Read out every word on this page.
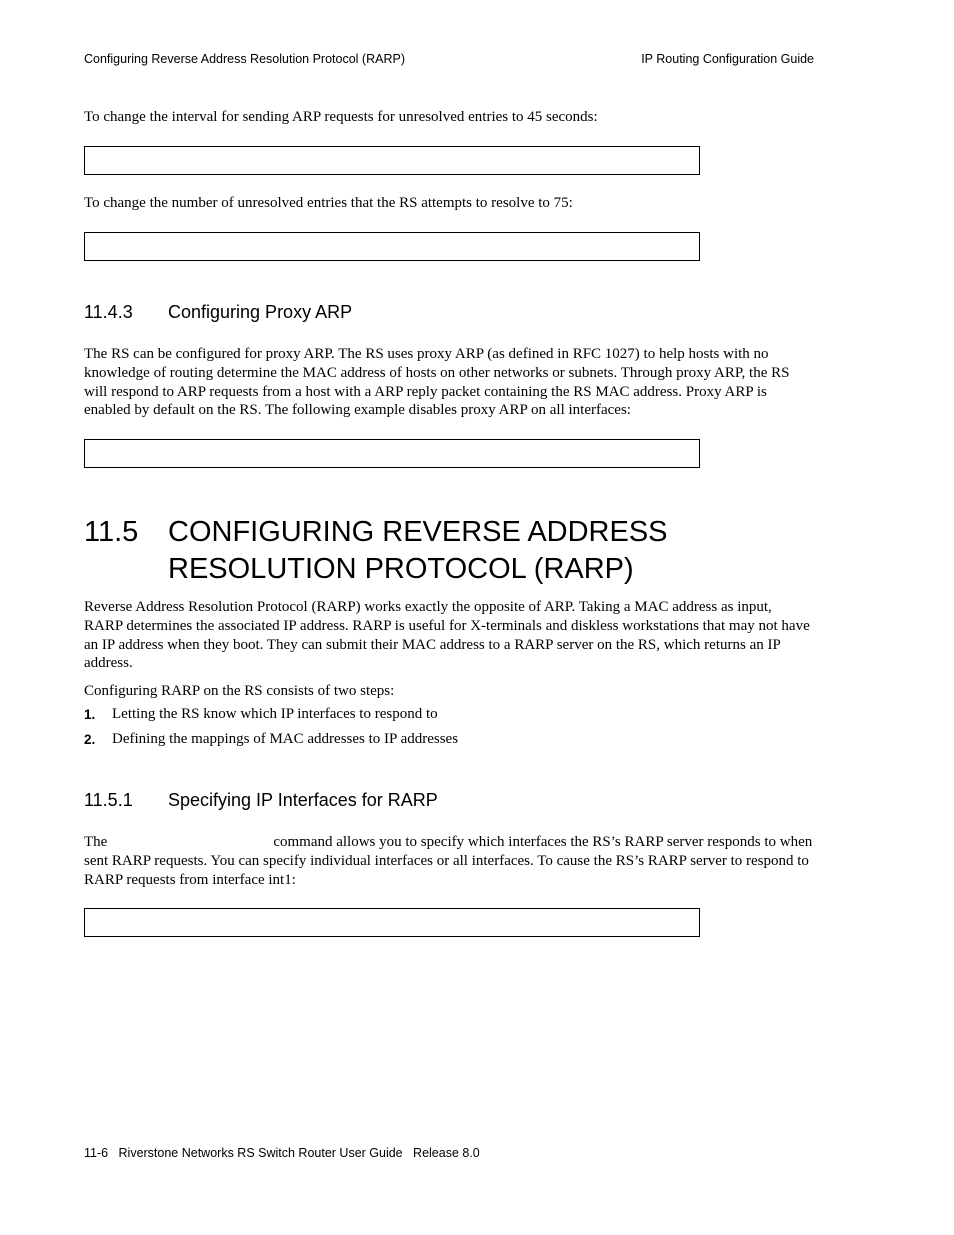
Configuring Reverse Address Resolution Protocol (RARP)	IP Routing Configuration Guide
To change the interval for sending ARP requests for unresolved entries to 45 seconds:
To change the number of unresolved entries that the RS attempts to resolve to 75:
11.4.3 Configuring Proxy ARP
The RS can be configured for proxy ARP. The RS uses proxy ARP (as defined in RFC 1027) to help hosts with no knowledge of routing determine the MAC address of hosts on other networks or subnets. Through proxy ARP, the RS will respond to ARP requests from a host with a ARP reply packet containing the RS MAC address. Proxy ARP is enabled by default on the RS. The following example disables proxy ARP on all interfaces:
11.5 CONFIGURING REVERSE ADDRESS RESOLUTION PROTOCOL (RARP)
Reverse Address Resolution Protocol (RARP) works exactly the opposite of ARP. Taking a MAC address as input, RARP determines the associated IP address. RARP is useful for X-terminals and diskless workstations that may not have an IP address when they boot. They can submit their MAC address to a RARP server on the RS, which returns an IP address.
Configuring RARP on the RS consists of two steps:
1. Letting the RS know which IP interfaces to respond to
2. Defining the mappings of MAC addresses to IP addresses
11.5.1 Specifying IP Interfaces for RARP
The	command allows you to specify which interfaces the RS’s RARP server responds to when sent RARP requests. You can specify individual interfaces or all interfaces. To cause the RS’s RARP server to respond to RARP requests from interface int1:
11-6   Riverstone Networks RS Switch Router User Guide   Release 8.0
